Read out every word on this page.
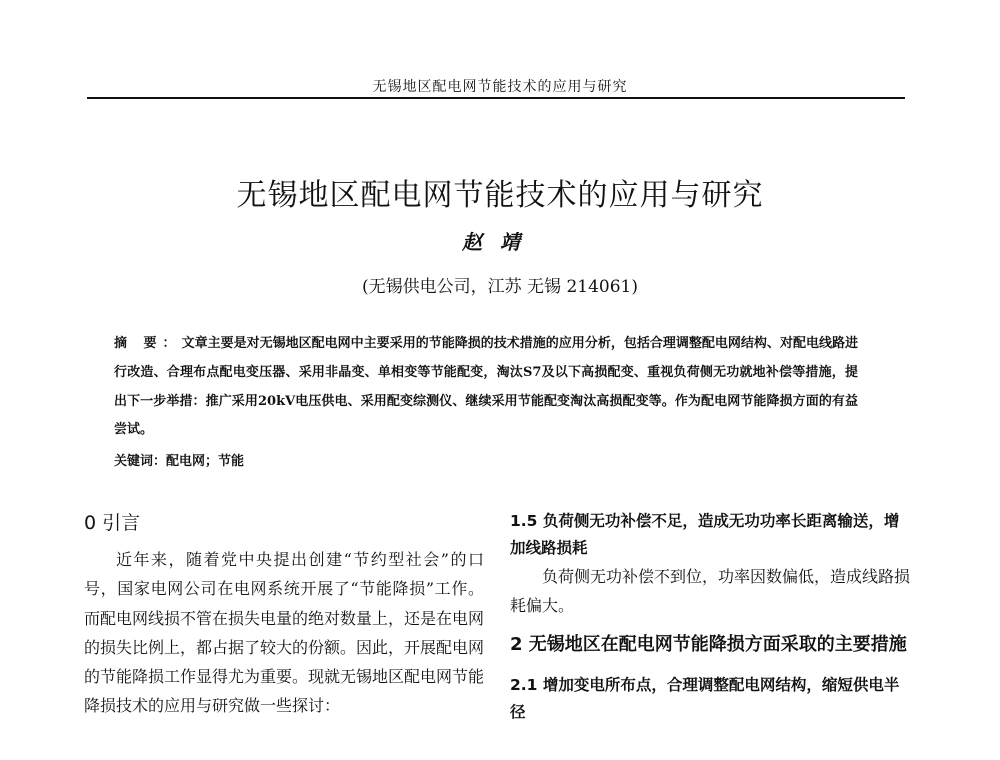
无锡地区配电网节能技术的应用与研究
无锡地区配电网节能技术的应用与研究
赵靖
(无锡供电公司，江苏 无锡 214061)
摘 要：文章主要是对无锡地区配电网中主要采用的节能降损的技术措施的应用分析，包括合理调整配电网结构、对配电线路进行改造、合理布点配电变压器、采用非晶变、单相变等节能配变，淘汰S7及以下高损配变、重视负荷侧无功就地补偿等措施，提出下一步举措：推广采用20kV电压供电、采用配变综测仪、继续采用节能配变淘汰高损配变等。作为配电网节能降损方面的有益尝试。
关键词：配电网；节能
0 引言

近年来，随着党中央提出创建“节约型社会”的口号，国家电网公司在电网系统开展了“节能降损”工作。而配电网线损不管在损失电量的绝对数量上，还是在电网的损失比例上，都占据了较大的份额。因此，开展配电网的节能降损工作显得尤为重要。现就无锡地区配电网节能降损技术的应用与研究做一些探讨：

1.5 负荷侧无功补偿不足，造成无功功率长距离输送，增加线路损耗

负荷侧无功补偿不到位，功率因数偏低，造成线路损耗偏大。

2 无锡地区在配电网节能降损方面采取的主要措施
2.1 增加变电所布点，合理调整配电网结构，缩短供电半径
